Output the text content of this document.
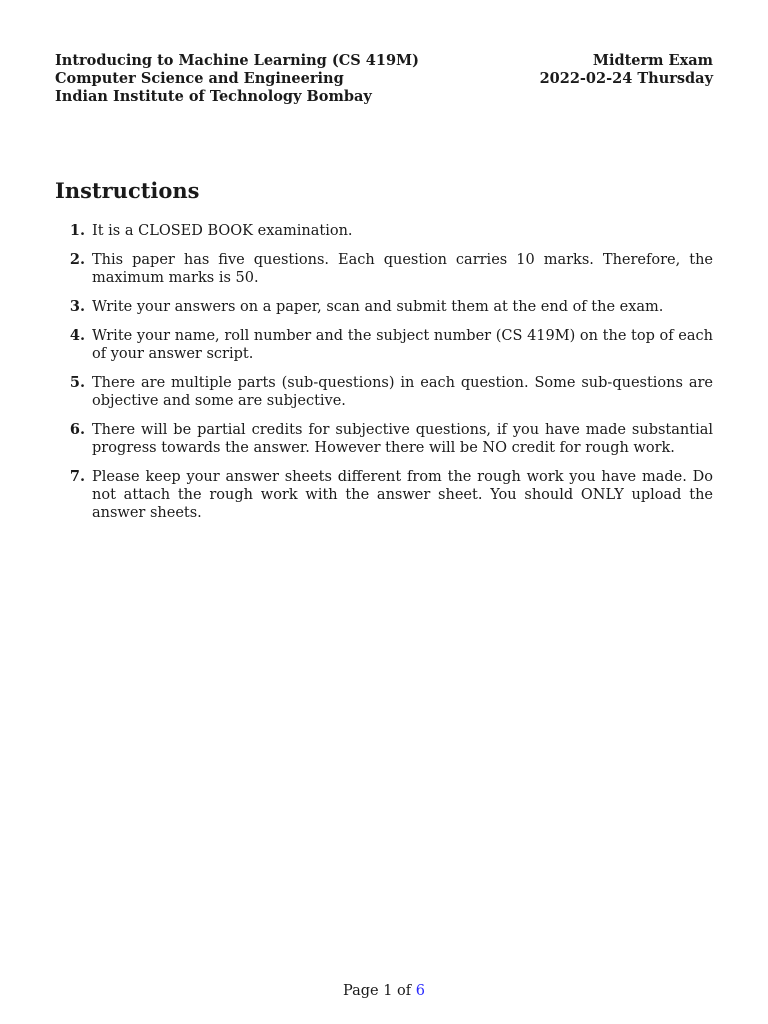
Introducing to Machine Learning (CS 419M)
Computer Science and Engineering
Indian Institute of Technology Bombay
Midterm Exam
2022-02-24 Thursday
Instructions
1. It is a CLOSED BOOK examination.
2. This paper has five questions. Each question carries 10 marks. Therefore, the maximum marks is 50.
3. Write your answers on a paper, scan and submit them at the end of the exam.
4. Write your name, roll number and the subject number (CS 419M) on the top of each of your answer script.
5. There are multiple parts (sub-questions) in each question. Some sub-questions are objective and some are subjective.
6. There will be partial credits for subjective questions, if you have made substantial progress towards the answer. However there will be NO credit for rough work.
7. Please keep your answer sheets different from the rough work you have made. Do not attach the rough work with the answer sheet. You should ONLY upload the answer sheets.
Page 1 of 6
